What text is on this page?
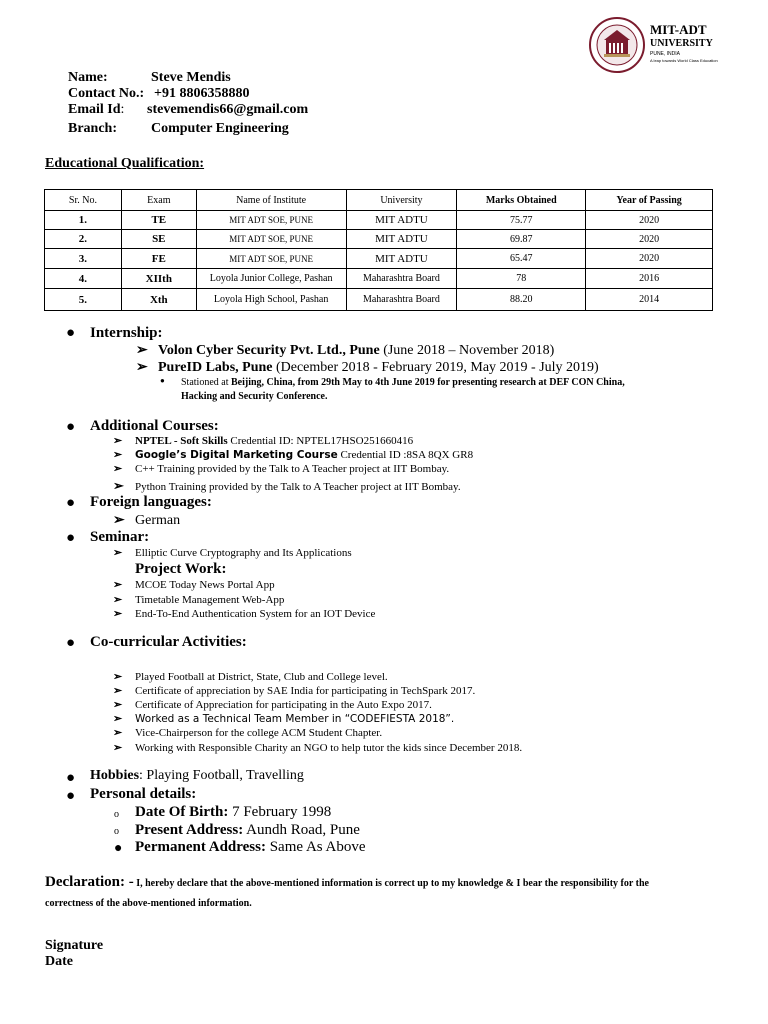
MIT-ADT
UNIVERSITY
PUNE, INDIA
A leap towards World Class Education
Name:	Steve Mendis
Contact No.: +91 8806358880
Email Id: stevemendis66@gmail.com
Branch: Computer Engineering
Educational Qualification:
Sr. No.	Exam	Name of Institute	University	Marks Obtained	Year of Passing
1.	TE	MIT ADT SOE, PUNE	MIT ADTU	75.77	2020
2.	SE	MIT ADT SOE, PUNE	MIT ADTU	69.87	2020
3.	FE	MIT ADT SOE, PUNE	MIT ADTU	65.47	2020
4.	XIIth	Loyola Junior College, Pashan	Maharashtra Board	78	2016
5.	Xth	Loyola High School, Pashan	Maharashtra Board	88.20	2014
● Internship:
➢ Volon Cyber Security Pvt. Ltd., Pune (June 2018 – November 2018)
➢ PureID Labs, Pune (December 2018 - February 2019, May 2019 - July 2019)
● Stationed at Beijing, China, from 29th May to 4th June 2019 for presenting research at DEF CON China,
Hacking and Security Conference.
● Additional Courses:
➢ NPTEL - Soft Skills Credential ID: NPTEL17HSO251660416
➢ Google’s Digital Marketing Course Credential ID :8SA 8QX GR8
➢ C++ Training provided by the Talk to A Teacher project at IIT Bombay.
➢ Python Training provided by the Talk to A Teacher project at IIT Bombay.
● Foreign languages:
➢ German
● Seminar:
➢ Elliptic Curve Cryptography and Its Applications
Project Work:
➢ MCOE Today News Portal App
➢ Timetable Management Web-App
➢ End-To-End Authentication System for an IOT Device
● Co-curricular Activities:
➢ Played Football at District, State, Club and College level.
➢ Certificate of appreciation by SAE India for participating in TechSpark 2017.
➢ Certificate of Appreciation for participating in the Auto Expo 2017.
➢ Worked as a Technical Team Member in “CODEFIESTA 2018”.
➢ Vice-Chairperson for the college ACM Student Chapter.
➢ Working with Responsible Charity an NGO to help tutor the kids since December 2018.
● Hobbies: Playing Football, Travelling
● Personal details:
o Date Of Birth: 7 February 1998
o Present Address: Aundh Road, Pune
● Permanent Address: Same As Above
Declaration: - I, hereby declare that the above-mentioned information is correct up to my knowledge & I bear the responsibility for the
correctness of the above-mentioned information.
Signature
Date
